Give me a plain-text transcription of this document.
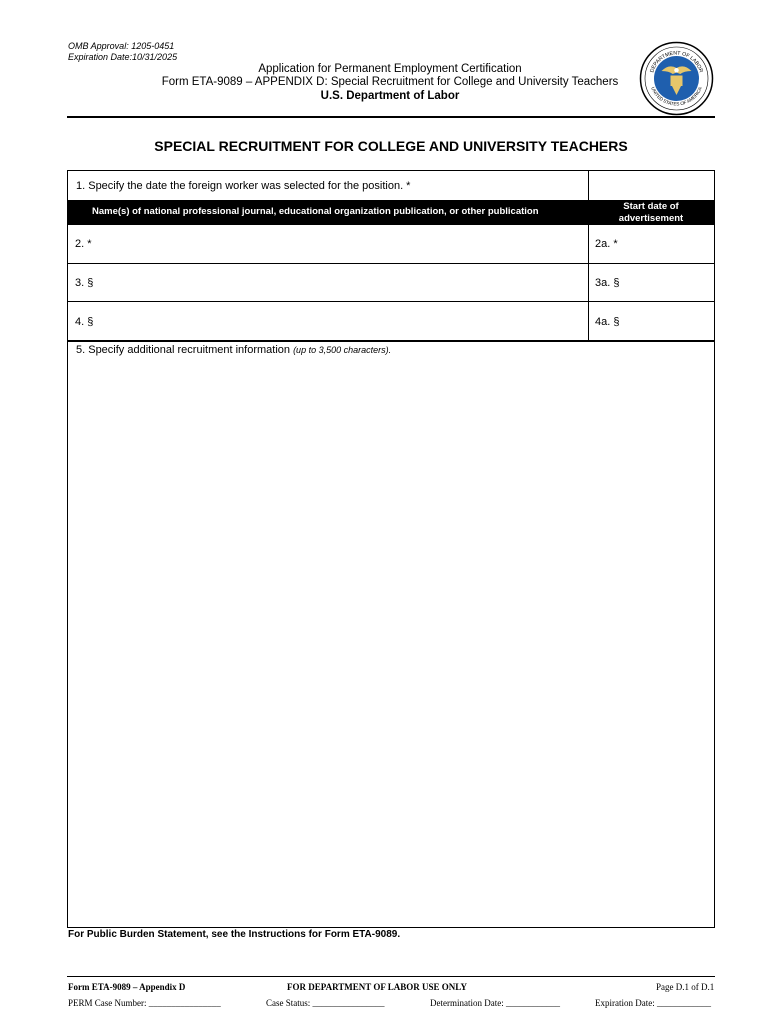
OMB Approval: 1205-0451
Expiration Date:10/31/2025
Application for Permanent Employment Certification
Form ETA-9089 – APPENDIX D: Special Recruitment for College and University Teachers
U.S. Department of Labor
DEPARTMENT OF LABOR
UNITED STATES OF AMERICA
SPECIAL RECRUITMENT FOR COLLEGE AND UNIVERSITY TEACHERS
1. Specify the date the foreign worker was selected for the position. *
Name(s) of national professional journal, educational organization publication, or other publication	Start date of
advertisement
2. *	2a. *
3. §	3a. §
4. §	4a. §
5. Specify additional recruitment information (up to 3,500 characters).
For Public Burden Statement, see the Instructions for Form ETA-9089.
Form ETA-9089 – Appendix D	FOR DEPARTMENT OF LABOR USE ONLY	Page D.1 of D.1
PERM Case Number: ________________	Case Status: ________________	Determination Date: ____________	Expiration Date: ____________
